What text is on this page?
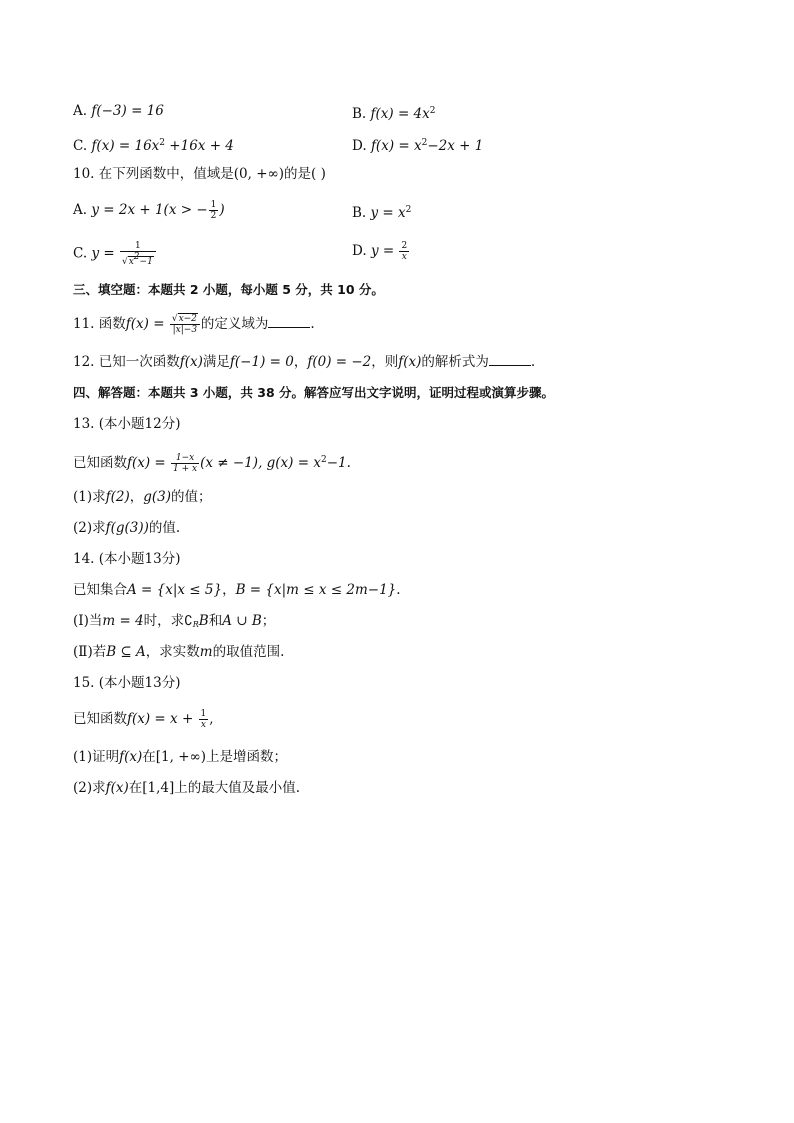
A. f(−3) = 16	B. $f(x) = 4x^2$
C. $f(x) = 16x^2 +16x + 4$	D. $f(x) = x^2-2x + 1$
10. 在下列函数中，值域是(0, +∞)的是( )
A. y = 2x + 1(x > − $\frac{1}{2}$ )	B. $y = x^2$
C. $y = \frac{1}{√x^2-1}$	D. $y = \frac{2}{x}$
三、填空题：本题共 2 小题，每小题 5 分，共 10 分。
11. 函数$f(x) = \frac{√x-2}{|x|-3}$ 的定义域为	.
12. 已知一次函数f(x)满足f(−1) = 0，f(0) = −2，则f(x)的解析式为	.
四、解答题：本题共 3 小题，共 38 分。解答应写出文字说明，证明过程或演算步骤。
13. (本小题12分)
已知函数$f(x) = \frac{1-x}{1 + x} (x \ne -1)$, $g(x) = x^2-1$.
(1)求f(2)，g(3)的值；
(2)求f(g(3))的值.
14. (本小题13分)
已知集合A = {x|x ≤ 5}，B = {x|m ≤ x ≤ 2m−1}.
(Ⅰ)当m = 4时，求$∁_RB$和A ∪ B；
(Ⅱ)若B ⊆ A，求实数m的取值范围.
15. (本小题13分)
已知函数$f(x) = x + \frac{1}{x}$ ,
(1)证明f(x)在[1, +∞)上是增函数；
(2)求f(x)在[1,4]上的最大值及最小值.
